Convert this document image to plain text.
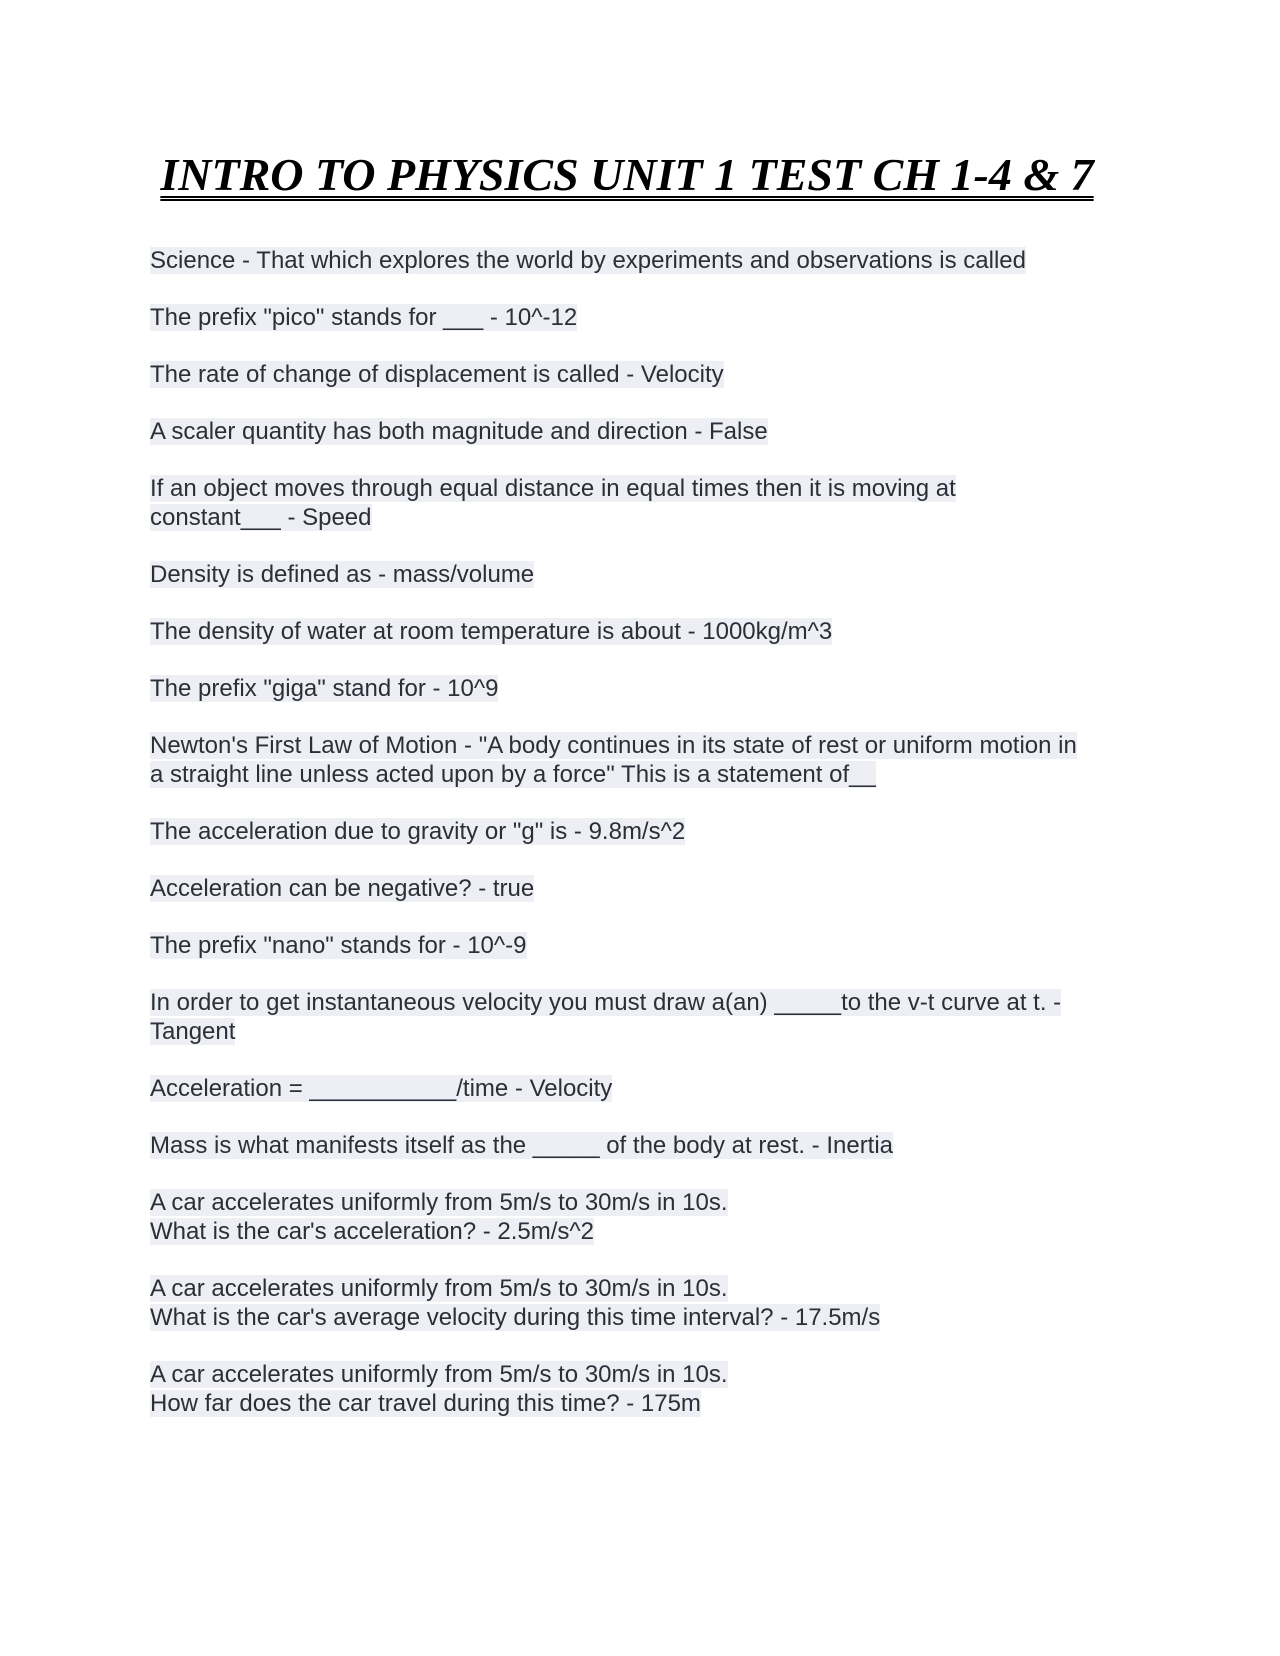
INTRO TO PHYSICS UNIT 1 TEST CH 1-4 & 7
Science - That which explores the world by experiments and observations is called
The prefix "pico" stands for ___ - 10^-12
The rate of change of displacement is called - Velocity
A scaler quantity has both magnitude and direction - False
If an object moves through equal distance in equal times then it is moving at
constant___ - Speed
Density is defined as - mass/volume
The density of water at room temperature is about - 1000kg/m^3
The prefix "giga" stand for - 10^9
Newton's First Law of Motion - "A body continues in its state of rest or uniform motion in
a straight line unless acted upon by a force" This is a statement of__
The acceleration due to gravity or "g" is - 9.8m/s^2
Acceleration can be negative? - true
The prefix "nano" stands for - 10^-9
In order to get instantaneous velocity you must draw a(an) _____to the v-t curve at t. -
Tangent
Acceleration = ___________/time - Velocity
Mass is what manifests itself as the _____ of the body at rest. - Inertia
A car accelerates uniformly from 5m/s to 30m/s in 10s.
What is the car's acceleration? - 2.5m/s^2
A car accelerates uniformly from 5m/s to 30m/s in 10s.
What is the car's average velocity during this time interval? - 17.5m/s
A car accelerates uniformly from 5m/s to 30m/s in 10s.
How far does the car travel during this time? - 175m
